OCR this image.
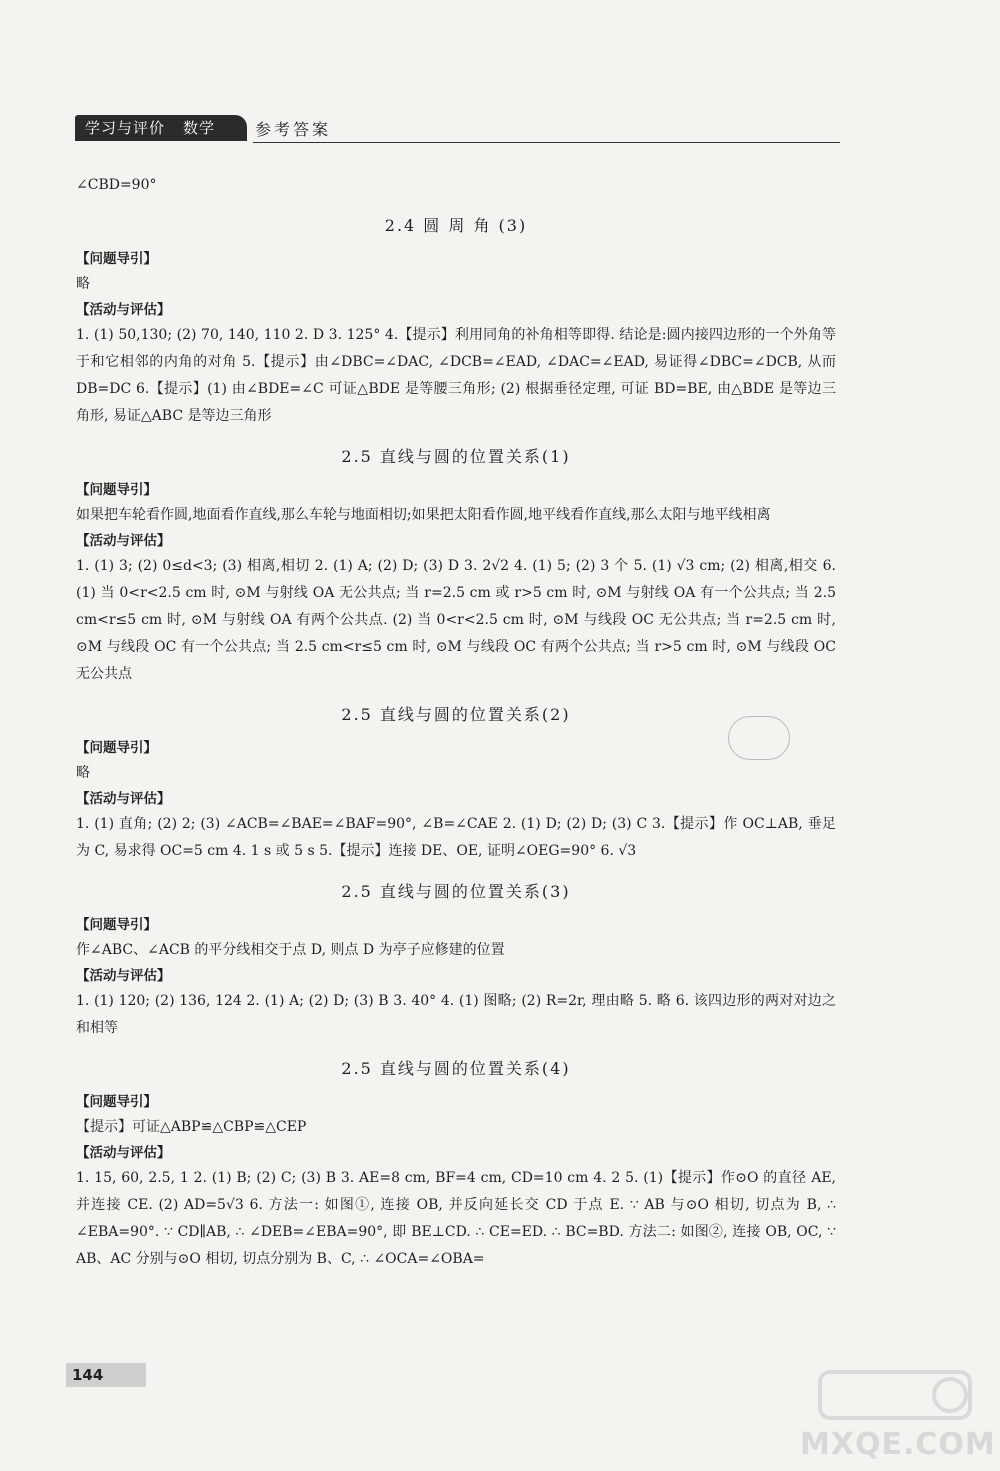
学习与评价 数学	参考答案

∠CBD=90°

2.4 圆 周 角 (3)
【问题导引】
略
【活动与评估】
1. (1) 50,130; (2) 70, 140, 110 2. D 3. 125° 4.【提示】利用同角的补角相等即得. 结论是:圆内接四边形的一个外角等于和它相邻的内角的对角 5.【提示】由∠DBC=∠DAC, ∠DCB=∠EAD, ∠DAC=∠EAD, 易证得∠DBC=∠DCB, 从而 DB=DC 6.【提示】(1) 由∠BDE=∠C 可证△BDE 是等腰三角形; (2) 根据垂径定理, 可证 BD=BE, 由△BDE 是等边三角形, 易证△ABC 是等边三角形
2.5 直线与圆的位置关系(1)
【问题导引】
如果把车轮看作圆,地面看作直线,那么车轮与地面相切;如果把太阳看作圆,地平线看作直线,那么太阳与地平线相离
【活动与评估】
1. (1) 3; (2) 0≤d<3; (3) 相离,相切 2. (1) A; (2) D; (3) D 3. 2√2 4. (1) 5; (2) 3 个 5. (1) √3 cm; (2) 相离,相交 6. (1) 当 0<r<2.5 cm 时, ⊙M 与射线 OA 无公共点; 当 r=2.5 cm 或 r>5 cm 时, ⊙M 与射线 OA 有一个公共点; 当 2.5 cm<r≤5 cm 时, ⊙M 与射线 OA 有两个公共点. (2) 当 0<r<2.5 cm 时, ⊙M 与线段 OC 无公共点; 当 r=2.5 cm 时, ⊙M 与线段 OC 有一个公共点; 当 2.5 cm<r≤5 cm 时, ⊙M 与线段 OC 有两个公共点; 当 r>5 cm 时, ⊙M 与线段 OC 无公共点
2.5 直线与圆的位置关系(2)
【问题导引】
略
【活动与评估】
1. (1) 直角; (2) 2; (3) ∠ACB=∠BAE=∠BAF=90°, ∠B=∠CAE 2. (1) D; (2) D; (3) C 3.【提示】作 OC⊥AB, 垂足为 C, 易求得 OC=5 cm 4. 1 s 或 5 s 5.【提示】连接 DE、OE, 证明∠OEG=90° 6. √3
2.5 直线与圆的位置关系(3)
【问题导引】
作∠ABC、∠ACB 的平分线相交于点 D, 则点 D 为亭子应修建的位置
【活动与评估】
1. (1) 120; (2) 136, 124 2. (1) A; (2) D; (3) B 3. 40° 4. (1) 图略; (2) R=2r, 理由略 5. 略 6. 该四边形的两对对边之和相等
2.5 直线与圆的位置关系(4)
【问题导引】
【提示】可证△ABP≌△CBP≌△CEP
【活动与评估】
1. 15, 60, 2.5, 1 2. (1) B; (2) C; (3) B 3. AE=8 cm, BF=4 cm, CD=10 cm 4. 2 5. (1)【提示】作⊙O 的直径 AE, 并连接 CE. (2) AD=5√3 6. 方法一: 如图①, 连接 OB, 并反向延长交 CD 于点 E. ∵ AB 与⊙O 相切, 切点为 B, ∴ ∠EBA=90°. ∵ CD∥AB, ∴ ∠DEB=∠EBA=90°, 即 BE⊥CD. ∴ CE=ED. ∴ BC=BD. 方法二: 如图②, 连接 OB, OC, ∵ AB、AC 分别与⊙O 相切, 切点分别为 B、C, ∴ ∠OCA=∠OBA=
144
MXQE.COM
